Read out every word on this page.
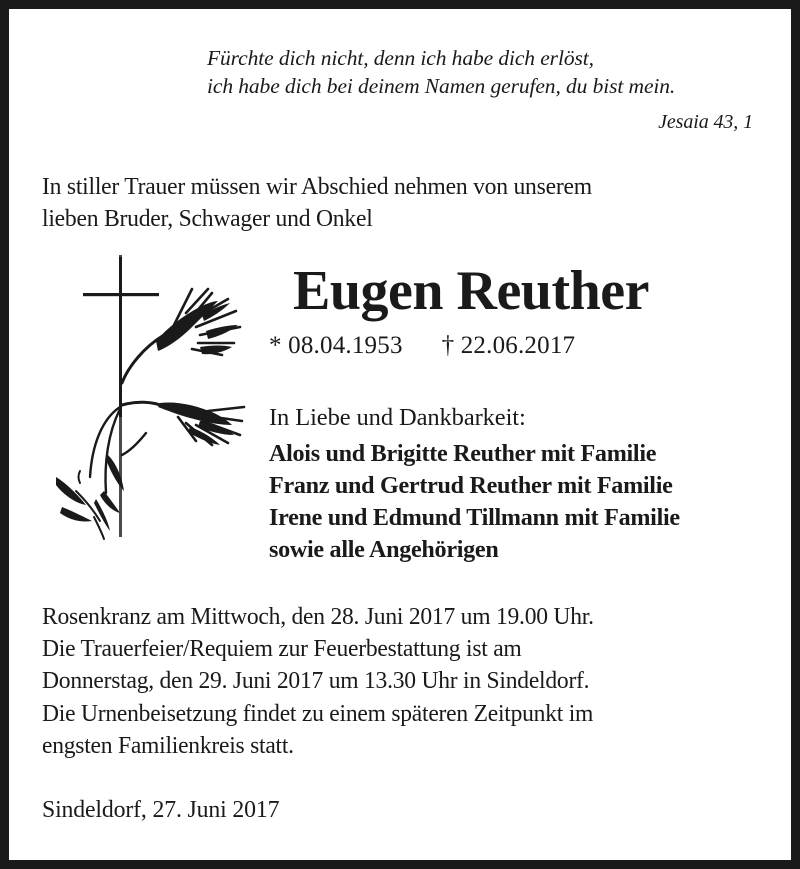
Fürchte dich nicht, denn ich habe dich erlöst, ich habe dich bei deinem Namen gerufen, du bist mein.
Jesaia 43, 1
In stiller Trauer müssen wir Abschied nehmen von unserem
lieben Bruder, Schwager und Onkel
Eugen Reuther
* 08.04.1953 † 22.06.2017
In Liebe und Dankbarkeit:
Alois und Brigitte Reuther mit Familie
Franz und Gertrud Reuther mit Familie
Irene und Edmund Tillmann mit Familie
sowie alle Angehörigen
Rosenkranz am Mittwoch, den 28. Juni 2017 um 19.00 Uhr.
Die Trauerfeier/Requiem zur Feuerbestattung ist am
Donnerstag, den 29. Juni 2017 um 13.30 Uhr in Sindeldorf.
Die Urnenbeisetzung findet zu einem späteren Zeitpunkt im
engsten Familienkreis statt.
Sindeldorf, 27. Juni 2017
